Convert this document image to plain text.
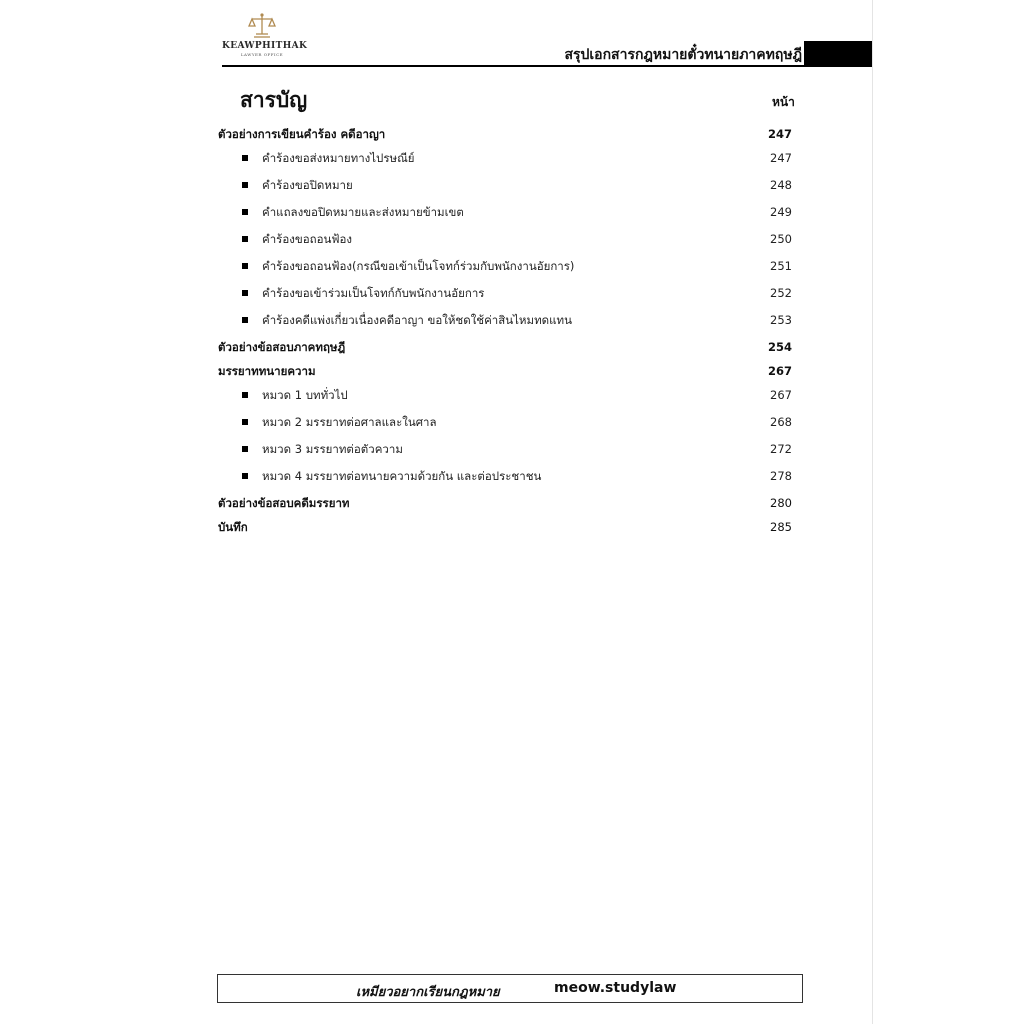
KEAWPHITHAK
LAWYER OFFICE	สรุปเอกสารกฎหมายตั๋วทนายภาคทฤษฎี
สารบัญ	หน้า
ตัวอย่างการเขียนคำร้อง คดีอาญา	247
คำร้องขอส่งหมายทางไปรษณีย์	247
คำร้องขอปิดหมาย	248
คำแถลงขอปิดหมายและส่งหมายข้ามเขต	249
คำร้องขอถอนฟ้อง	250
คำร้องขอถอนฟ้อง(กรณีขอเข้าเป็นโจทก์ร่วมกับพนักงานอัยการ)	251
คำร้องขอเข้าร่วมเป็นโจทก์กับพนักงานอัยการ	252
คำร้องคดีแพ่งเกี่ยวเนื่องคดีอาญา ขอให้ชดใช้ค่าสินไหมทดแทน	253
ตัวอย่างข้อสอบภาคทฤษฎี	254
มรรยาททนายความ	267
หมวด 1 บททั่วไป	267
หมวด 2 มรรยาทต่อศาลและในศาล	268
หมวด 3 มรรยาทต่อตัวความ	272
หมวด 4 มรรยาทต่อทนายความด้วยกัน และต่อประชาชน	278
ตัวอย่างข้อสอบคดีมรรยาท	280
บันทึก	285
เหมียวอยากเรียนกฎหมาย	meow.studylaw
